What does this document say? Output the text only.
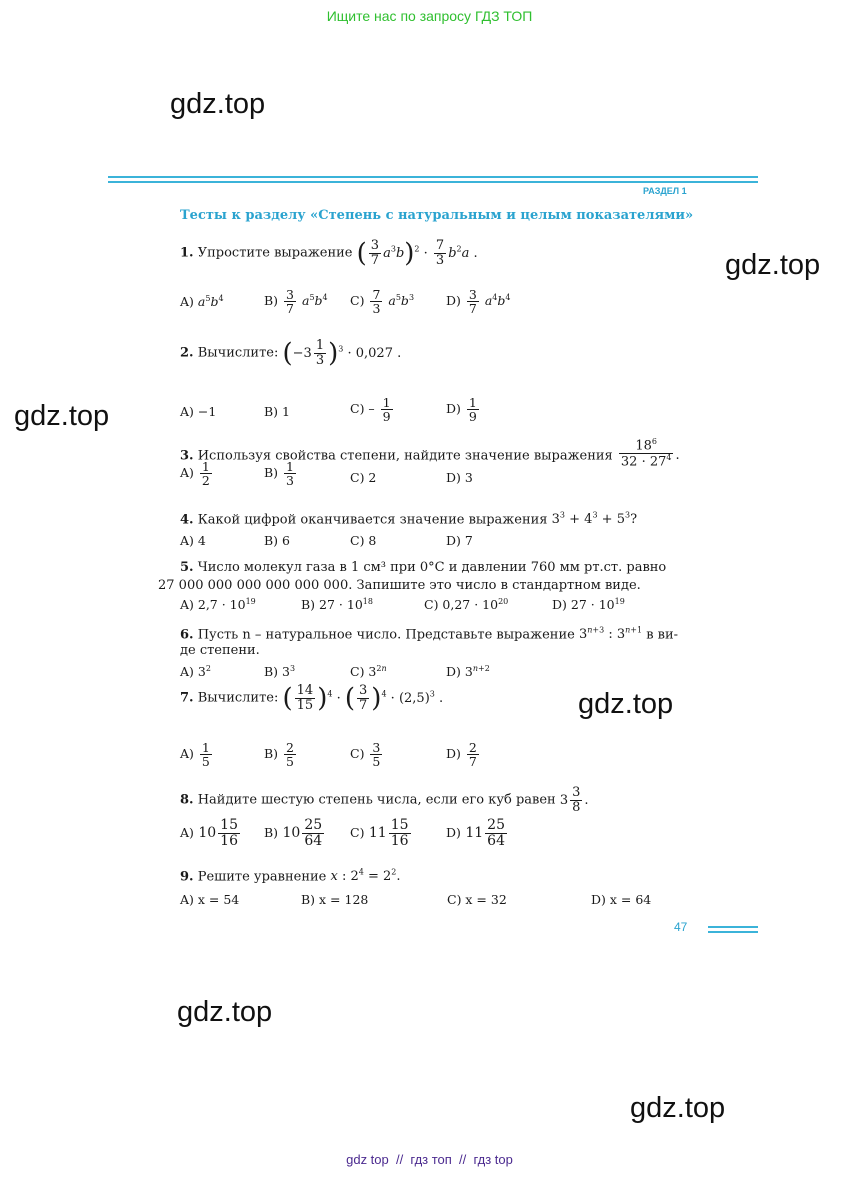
Ищите нас по запросу ГДЗ ТОП
gdz.top
gdz.top
gdz.top
gdz.top
gdz.top
gdz.top
РАЗДЕЛ 1
Тесты к разделу «Степень с натуральным и целым показателями»
1. Упростите выражение ( $\frac{3}{7} a^3b)^2 \cdot \frac{7}{3} b^2a$ .
A) $a^5b^4$	$B) \frac{3}{7} a^5b^4$ $C) \frac{7}{3} a^5b^3$	$D) \frac{3}{7} a^4b^4$
2. Вычислите: $(-3 \frac{1}{3} )^3 \cdot 0,027$ .
A) −1	B) 1	$C) - \frac{1}{9}$	$D) \frac{1}{9}$
3. Используя свойства степени, найдите значение выражения $\frac{18^6}{32 \cdot 27^4}$ .
$A) \frac{1}{2}$	$B) \frac{1}{3}$	C) 2	D) 3
4. Какой цифрой оканчивается значение выражения $3^3 + 4^3 + 5^3$?
A) 4	B) 6	C) 8	D) 7
5. Число молекул газа в 1 см³ при 0°C и давлении 760 мм рт.ст. равно
27 000 000 000 000 000 000. Запишите это число в стандартном виде.
A) $2,7 \cdot 10^{19}$	B) $27 \cdot 10^{18}$	C) $0,27 \cdot 10^{20}$	D) $27 \cdot 10^{19}$
6. Пусть n – натуральное число. Представьте выражение $3^{n+3}$ : $3^{n+1}$ в ви-
де степени.
A) $3^2$	B) $3^3$	C) $3^{2n}$	D) $3^{n+2}$
7. Вычислите: ( $\frac{14}{15} )^4$ · ( $\frac{3}{7} )^4 \cdot (2,5)^3$ .
$A) \frac{1}{5}$	$B) \frac{2}{5}$	$C) \frac{3}{5}$	$D) \frac{2}{7}$
8. Найдите шестую степень числа, если его куб равен $3 \frac{3}{8}$ .
A) $10 \frac{15}{16} B$) $10 \frac{25}{64} C$) $11 \frac{15}{16}$	D) $11 \frac{25}{64}$
9. Решите уравнение x : $2^4 = 2^2$.
A) x = 54	B) x = 128	C) x = 32	D) x = 64
47
gdz top  //  гдз топ  //  гдз top
